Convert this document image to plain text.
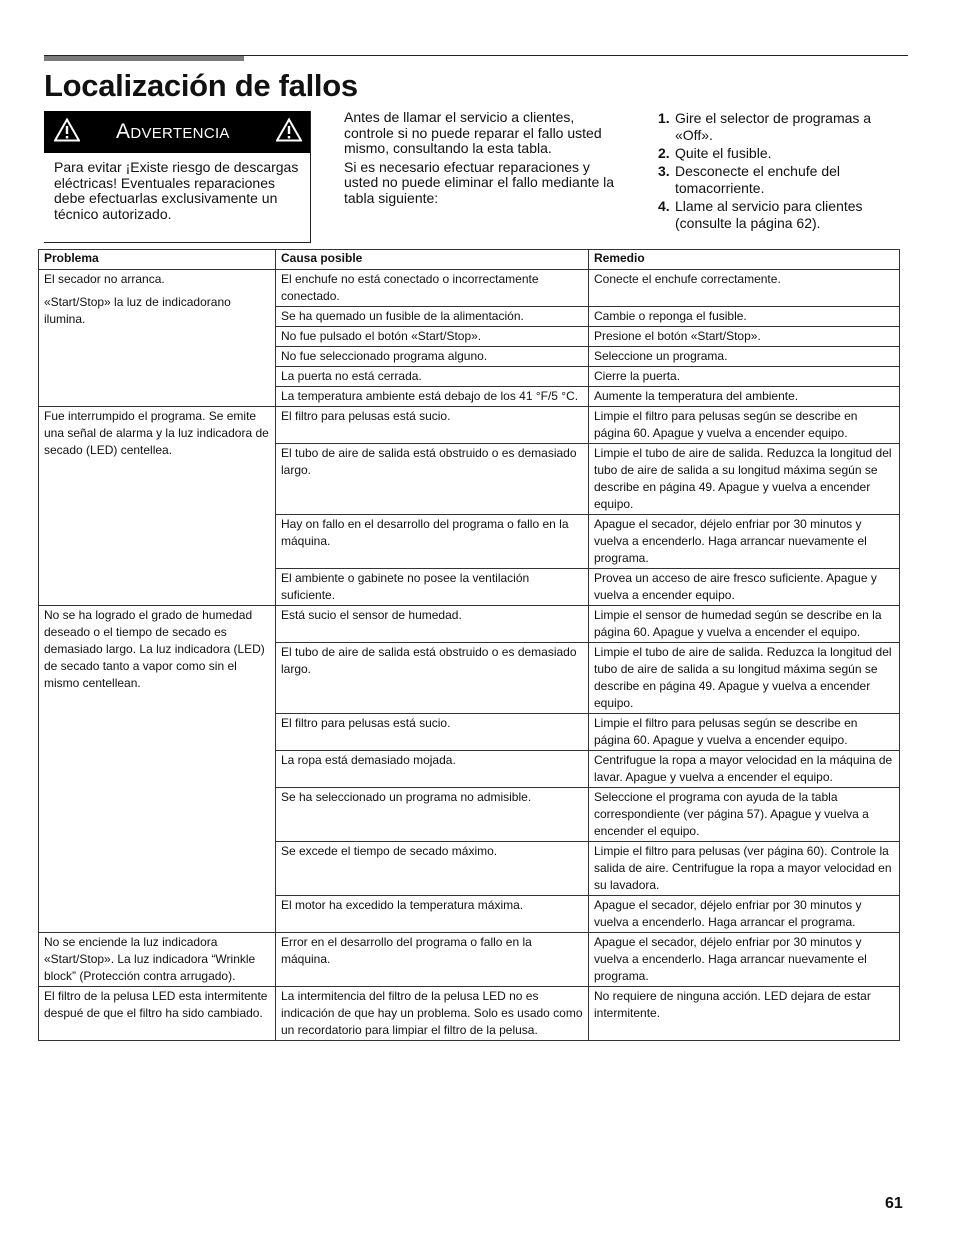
Localización de fallos
ADVERTENCIA
Para evitar ¡Existe riesgo de descargas eléctricas! Eventuales reparaciones debe efectuarlas exclusivamente un técnico autorizado.

Antes de llamar el servicio a clientes, controle si no puede reparar el fallo usted mismo, consultando la esta tabla.

Si es necesario efectuar reparaciones y usted no puede eliminar el fallo mediante la tabla siguiente:

1. Gire el selector de programas a «Off».
2. Quite el fusible.
3. Desconecte el enchufe del tomacorriente.
4. Llame al servicio para clientes (consulte la página 62).
Problema	Causa posible	Remedio

El secador no arranca.
«Start/Stop» la luz de indicadorano ilumina.	El enchufe no está conectado o incorrectamente conectado.	Conecte el enchufe correctamente.
	Se ha quemado un fusible de la alimentación.	Cambie o reponga el fusible.
	No fue pulsado el botón «Start/Stop».	Presione el botón «Start/Stop».
	No fue seleccionado programa alguno.	Seleccione un programa.
	La puerta no está cerrada.	Cierre la puerta.
	La temperatura ambiente está debajo de los 41 °F/5 °C.	Aumente la temperatura del ambiente.

Fue interrumpido el programa. Se emite una señal de alarma y la luz indicadora de secado (LED) centellea.	El filtro para pelusas está sucio.	Limpie el filtro para pelusas según se describe en página 60. Apague y vuelva a encender equipo.
	El tubo de aire de salida está obstruido o es demasiado largo.	Limpie el tubo de aire de salida. Reduzca la longitud del tubo de aire de salida a su longitud máxima según se describe en página 49. Apague y vuelva a encender equipo.
	Hay on fallo en el desarrollo del programa o fallo en la máquina.	Apague el secador, déjelo enfriar por 30 minutos y vuelva a encenderlo. Haga arrancar nuevamente el programa.
	El ambiente o gabinete no posee la ventilación suficiente.	Provea un acceso de aire fresco suficiente. Apague y vuelva a encender equipo.

No se ha logrado el grado de humedad deseado o el tiempo de secado es demasiado largo. La luz indicadora (LED) de secado tanto a vapor como sin el mismo centellean.	Está sucio el sensor de humedad.	Limpie el sensor de humedad según se describe en la página 60. Apague y vuelva a encender el equipo.
	El tubo de aire de salida está obstruido o es demasiado largo.	Limpie el tubo de aire de salida. Reduzca la longitud del tubo de aire de salida a su longitud máxima según se describe en página 49. Apague y vuelva a encender equipo.
	El filtro para pelusas está sucio.	Limpie el filtro para pelusas según se describe en página 60. Apague y vuelva a encender equipo.
	La ropa está demasiado mojada.	Centrifugue la ropa a mayor velocidad en la máquina de lavar. Apague y vuelva a encender el equipo.
	Se ha seleccionado un programa no admisible.	Seleccione el programa con ayuda de la tabla correspondiente (ver página 57). Apague y vuelva a encender el equipo.
	Se excede el tiempo de secado máximo.	Limpie el filtro para pelusas (ver página 60). Controle la salida de aire. Centrifugue la ropa a mayor velocidad en su lavadora.
	El motor ha excedido la temperatura máxima.	Apague el secador, déjelo enfriar por 30 minutos y vuelva a encenderlo. Haga arrancar el programa.

No se enciende la luz indicadora «Start/Stop». La luz indicadora “Wrinkle block” (Protección contra arrugado).	Error en el desarrollo del programa o fallo en la máquina.	Apague el secador, déjelo enfriar por 30 minutos y vuelva a encenderlo. Haga arrancar nuevamente el programa.

El filtro de la pelusa LED esta intermitente despué de que el filtro ha sido cambiado.	La intermitencia del filtro de la pelusa LED no es indicación de que hay un problema. Solo es usado como un recordatorio para limpiar el filtro de la pelusa.	No requiere de ninguna acción. LED dejara de estar intermitente.
61
